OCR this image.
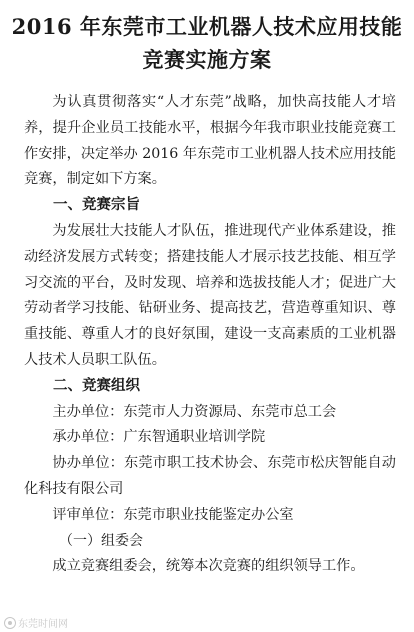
2016 年东莞市工业机器人技术应用技能
竞赛实施方案

为认真贯彻落实“人才东莞”战略，加快高技能人才培养，提升企业员工技能水平，根据今年我市职业技能竞赛工作安排，决定举办 2016 年东莞市工业机器人技术应用技能竞赛，制定如下方案。

一、竞赛宗旨

为发展壮大技能人才队伍，推进现代产业体系建设，推动经济发展方式转变；搭建技能人才展示技艺技能、相互学习交流的平台，及时发现、培养和选拔技能人才；促进广大劳动者学习技能、钻研业务、提高技艺，营造尊重知识、尊重技能、尊重人才的良好氛围，建设一支高素质的工业机器人技术人员职工队伍。

二、竞赛组织

主办单位：东莞市人力资源局、东莞市总工会

承办单位：广东智通职业培训学院

协办单位：东莞市职工技术协会、东莞市松庆智能自动化科技有限公司

评审单位：东莞市职业技能鉴定办公室

（一）组委会

成立竞赛组委会，统筹本次竞赛的组织领导工作。

东莞时间网
